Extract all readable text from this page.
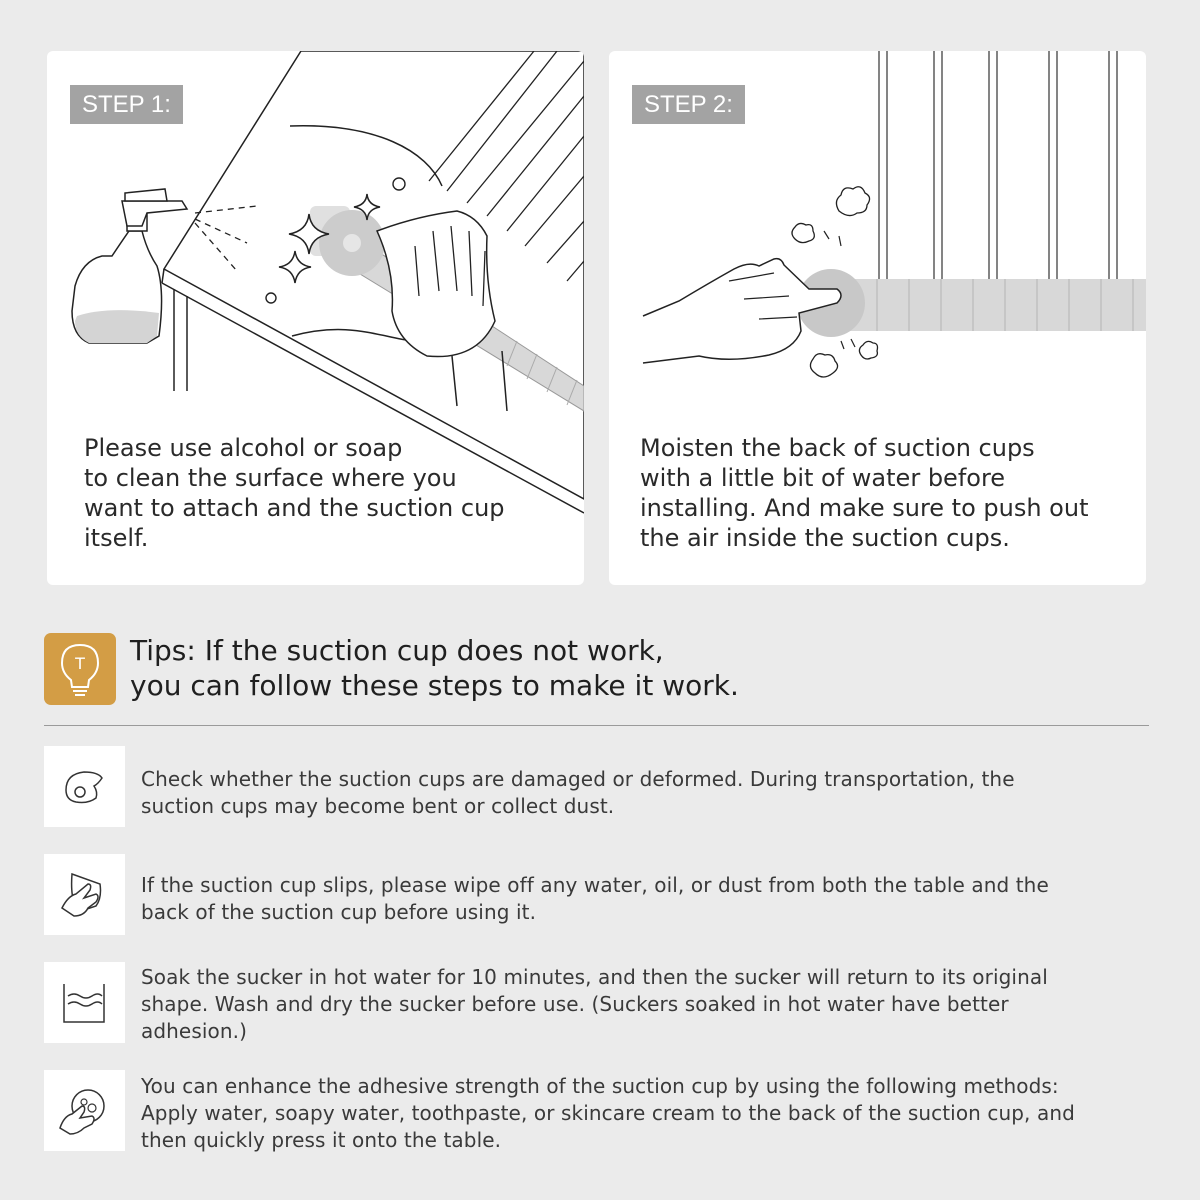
STEP 1:
Please use alcohol or soap
to clean the surface where you
want to attach and the suction cup
itself.
STEP 2:
Moisten the back of suction cups
with a little bit of water before
installing. And make sure to push out
the air inside the suction cups.
T Tips: If the suction cup does not work,
you can follow these steps to make it work.
Check whether the suction cups are damaged or deformed. During transportation, the
suction cups may become bent or collect dust.
If the suction cup slips, please wipe off any water, oil, or dust from both the table and the
back of the suction cup before using it.
Soak the sucker in hot water for 10 minutes, and then the sucker will return to its original
shape. Wash and dry the sucker before use. (Suckers soaked in hot water have better
adhesion.)
You can enhance the adhesive strength of the suction cup by using the following methods:
Apply water, soapy water, toothpaste, or skincare cream to the back of the suction cup, and
then quickly press it onto the table.
